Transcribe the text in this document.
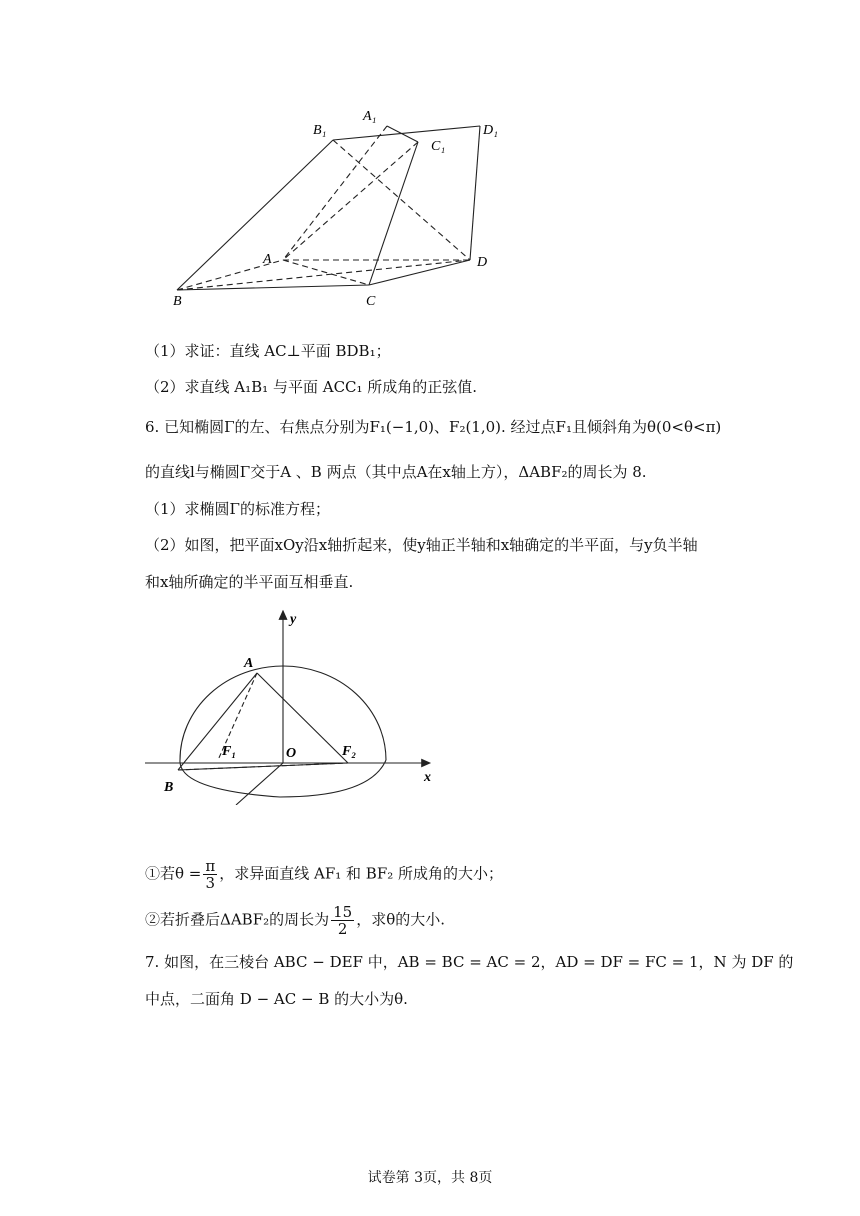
B₁
A₁
C₁
D₁
A	D
B	C
（1）求证：直线 AC⊥平面 BDB₁；
（2）求直线 A₁B₁ 与平面 ACC₁ 所成角的正弦值.
6. 已知椭圆Γ的左、右焦点分别为F₁(−1,0)、F₂(1,0). 经过点F₁且倾斜角为θ(0<θ<π)
的直线l与椭圆Γ交于A 、B 两点（其中点A在x轴上方），ΔABF₂的周长为 8.
（1）求椭圆Γ的标准方程；
（2）如图，把平面xOy沿x轴折起来，使y轴正半轴和x轴确定的半平面，与y负半轴
和x轴所确定的半平面互相垂直.
y
A
F₁	O	F₂
B
x
①若$\theta = \frac{\pi}{3}$ ，求异面直线 AF₁ 和 BF₂ 所成角的大小；
②若折叠后ΔABF₂的周长为 $\frac{15}{2}$ ，求θ的大小.
7. 如图，在三棱台 ABC − DEF 中，AB = BC = AC = 2，AD = DF = FC = 1，N 为 DF 的
中点，二面角 D − AC − B 的大小为θ.
试卷第 3页，共 8页
